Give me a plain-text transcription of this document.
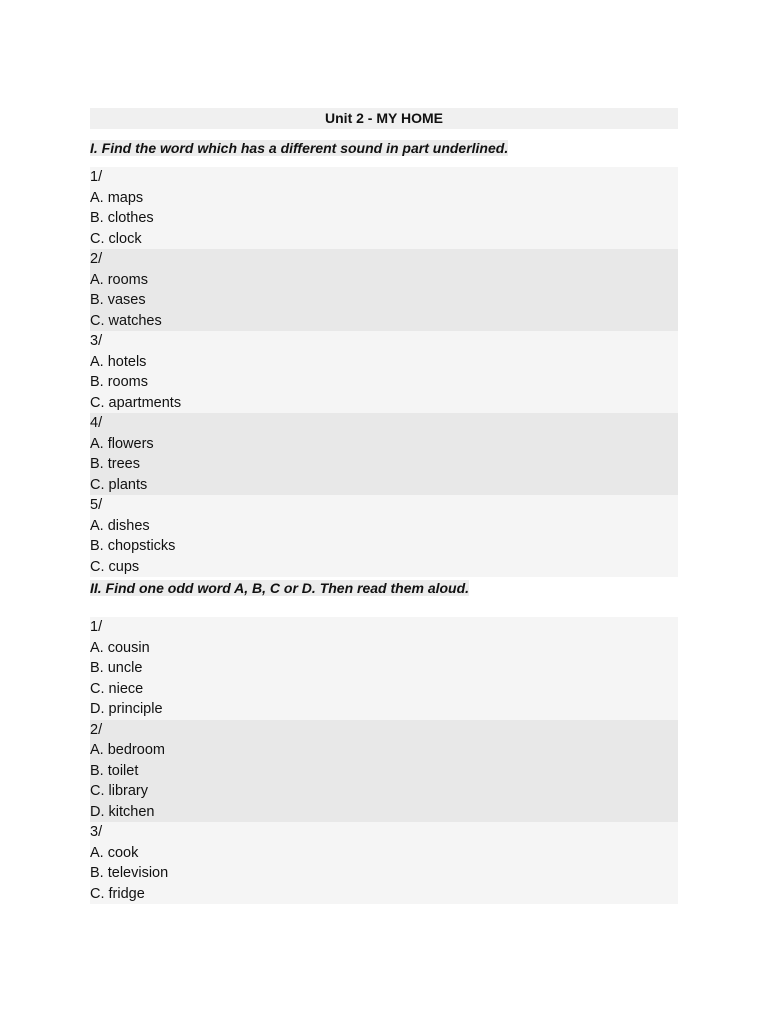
Unit 2 - MY HOME
I. Find the word which has a different sound in part underlined.
1/
A. maps
B. clothes
C. clock
2/
A. rooms
B. vases
C. watches
3/
A. hotels
B. rooms
C. apartments
4/
A. flowers
B. trees
C. plants
5/
A. dishes
B. chopsticks
C. cups
II. Find one odd word A, B, C or D. Then read them aloud.
1/
A. cousin
B. uncle
C. niece
D. principle
2/
A. bedroom
B. toilet
C. library
D. kitchen
3/
A. cook
B. television
C. fridge
